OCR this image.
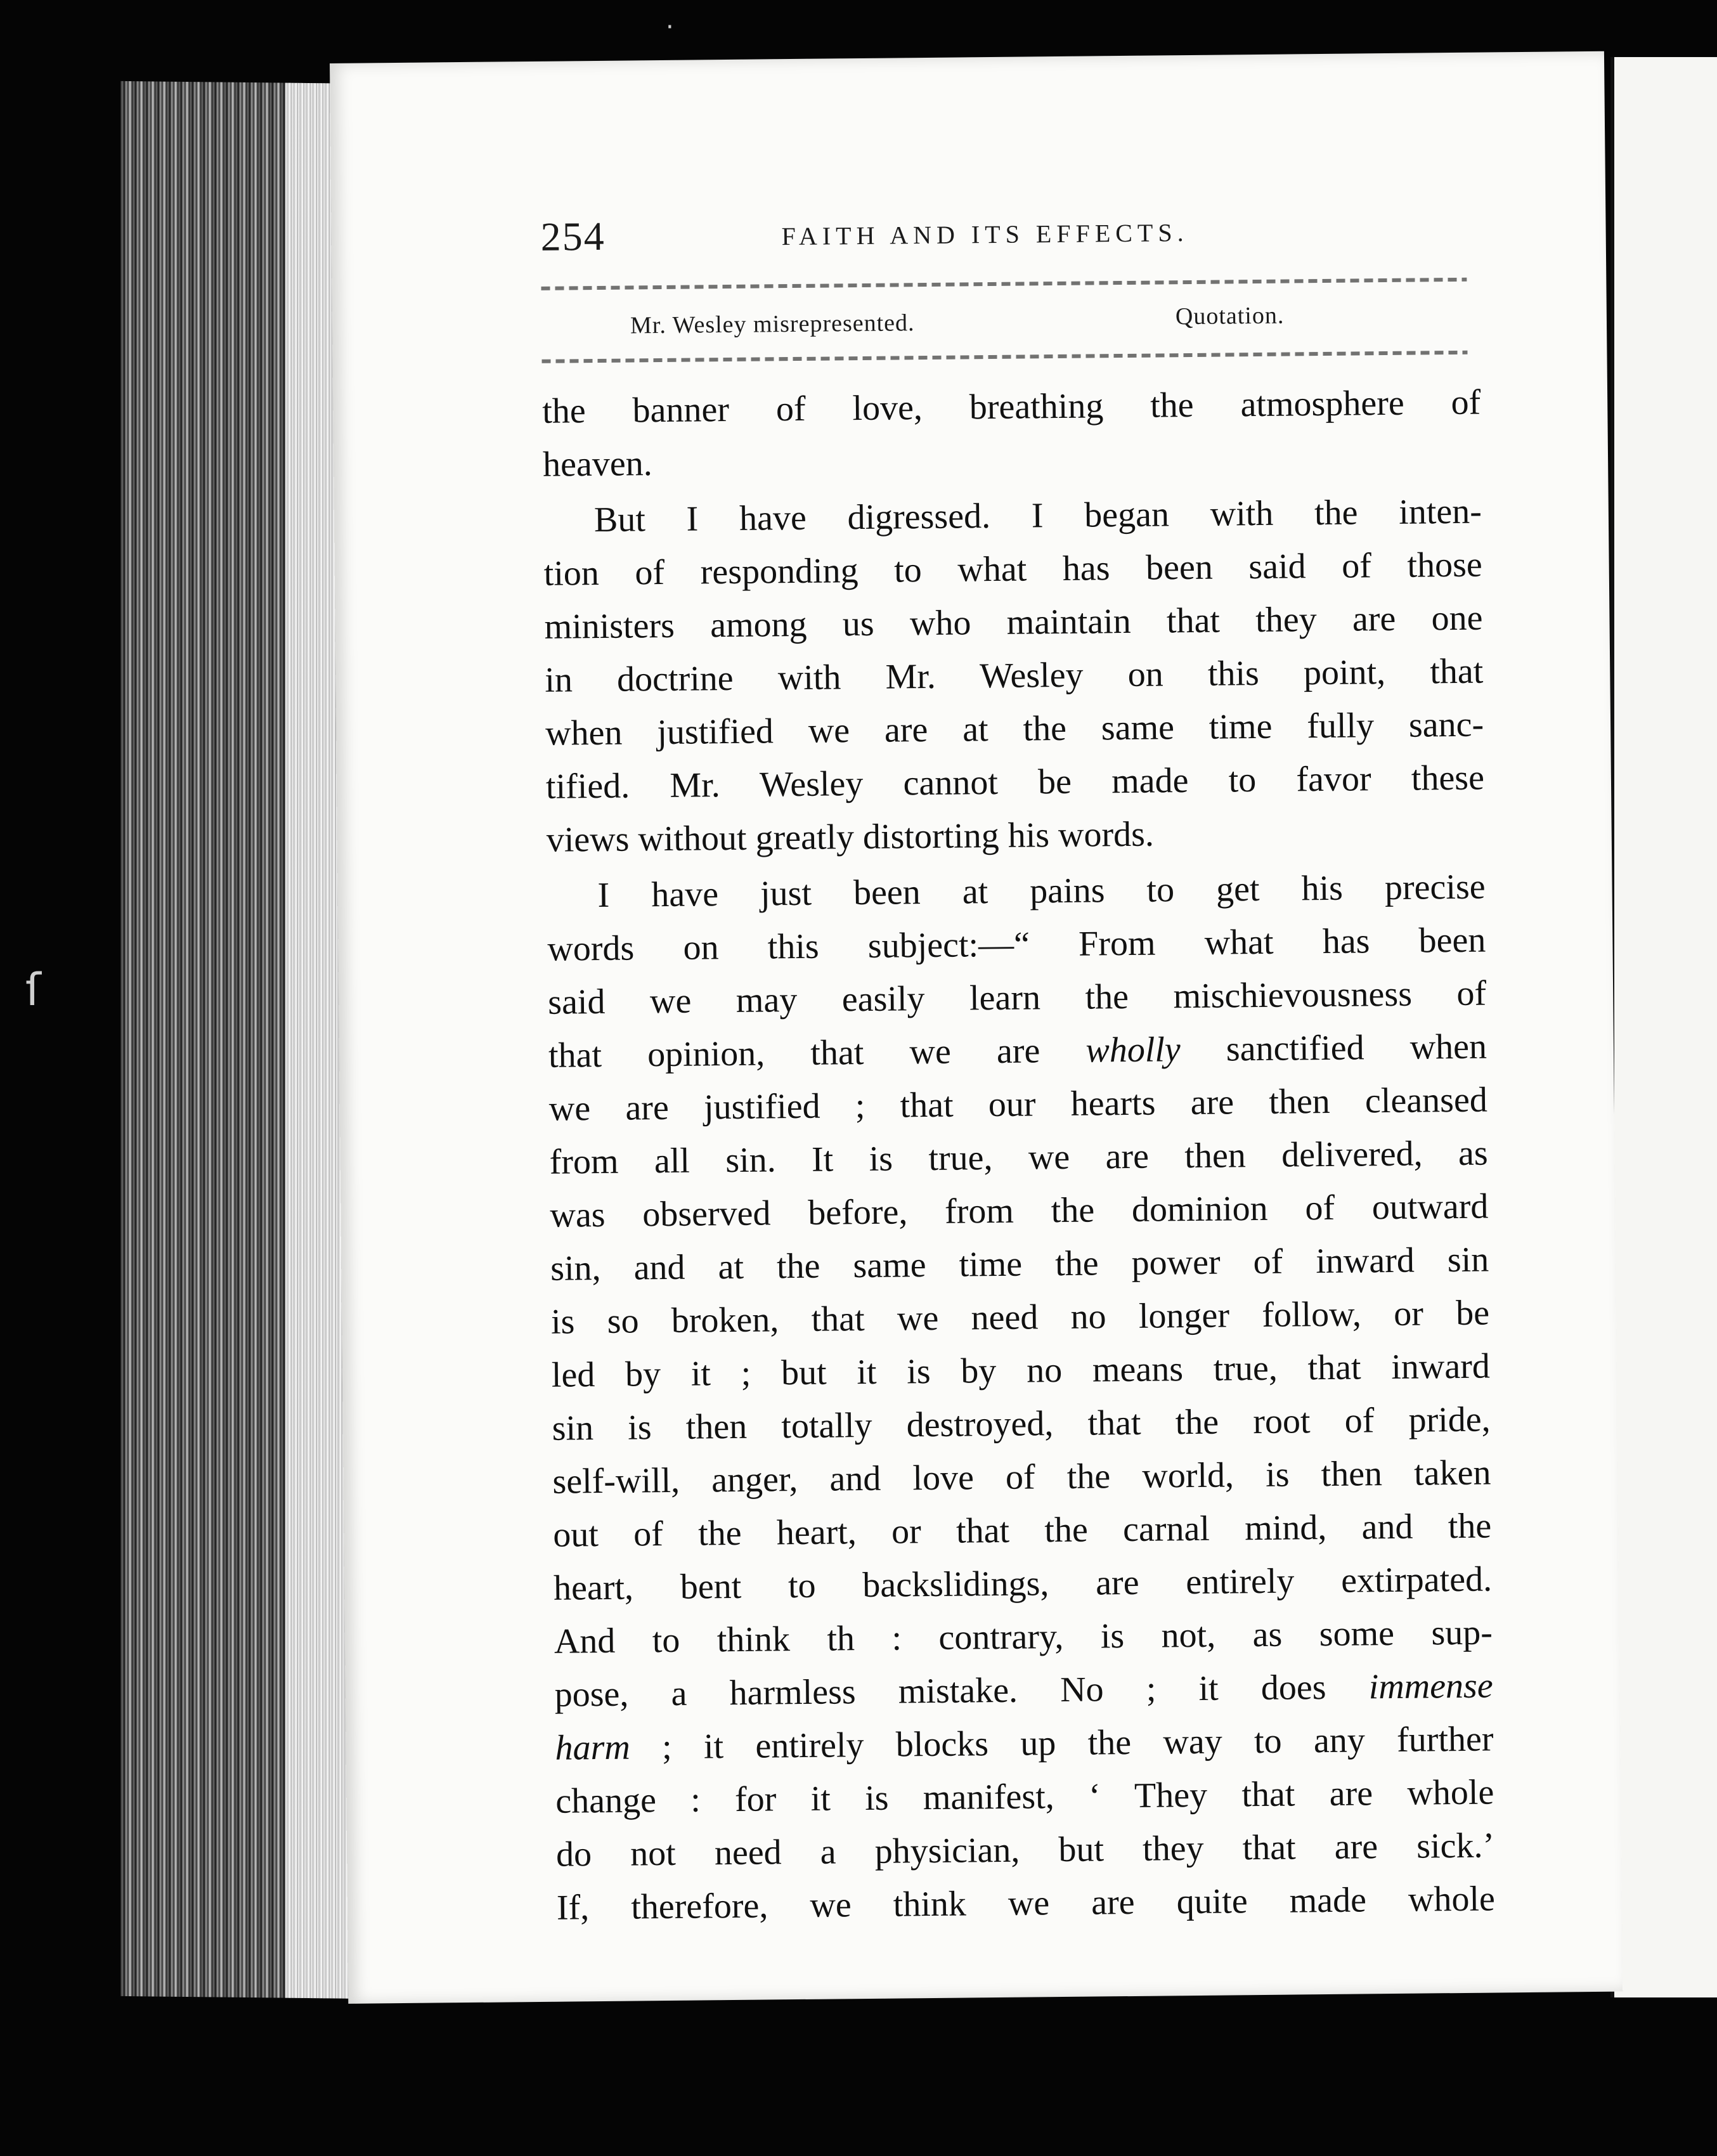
254	FAITH AND ITS EFFECTS.
Mr. Wesley misrepresented.	Quotation.
the banner of love, breathing the atmosphere of
heaven.
But I have digressed. I began with the inten-
tion of responding to what has been said of those
ministers among us who maintain that they are one
in doctrine with Mr. Wesley on this point, that
when justified we are at the same time fully sanc-
tified. Mr. Wesley cannot be made to favor these
views without greatly distorting his words.
I have just been at pains to get his precise
words on this subject:—“ From what has been
said we may easily learn the mischievousness of
that opinion, that we are wholly sanctified when
we are justified ; that our hearts are then cleansed
from all sin. It is true, we are then delivered, as
was observed before, from the dominion of outward
sin, and at the same time the power of inward sin
is so broken, that we need no longer follow, or be
led by it ; but it is by no means true, that inward
sin is then totally destroyed, that the root of pride,
self-will, anger, and love of the world, is then taken
out of the heart, or that the carnal mind, and the
heart, bent to backslidings, are entirely extirpated.
And to think th : contrary, is not, as some sup-
pose, a harmless mistake. No ; it does immense
harm ; it entirely blocks up the way to any further
change : for it is manifest, ‘ They that are whole
do not need a physician, but they that are sick.’
If, therefore, we think we are quite made whole
ſ
·
